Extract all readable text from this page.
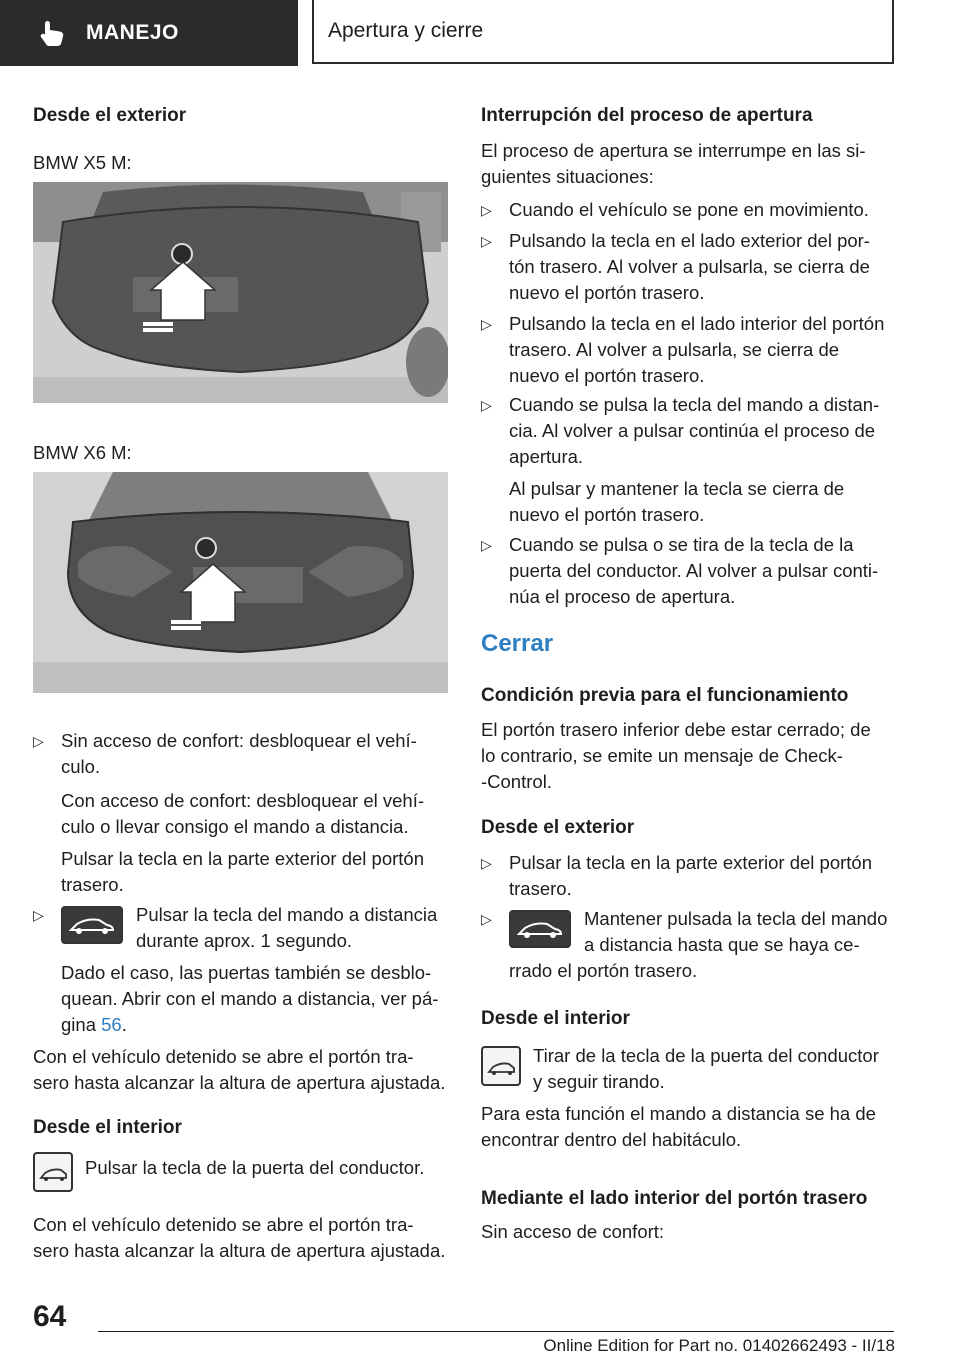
MANEJO	Apertura y cierre
Desde el exterior
BMW X5 M:
BMW X6 M:
▷ Sin acceso de confort: desbloquear el vehí-
culo.
Con acceso de confort: desbloquear el vehí-
culo o llevar consigo el mando a distancia.
Pulsar la tecla en la parte exterior del portón
trasero.
▷	Pulsar la tecla del mando a distancia
durante aprox. 1 segundo.
Dado el caso, las puertas también se desblo-
quean. Abrir con el mando a distancia, ver pá-
gina 56.
Con el vehículo detenido se abre el portón tra-
sero hasta alcanzar la altura de apertura ajustada.
Desde el interior
Pulsar la tecla de la puerta del conductor.
Con el vehículo detenido se abre el portón tra-
sero hasta alcanzar la altura de apertura ajustada.
Interrupción del proceso de apertura
El proceso de apertura se interrumpe en las si-
guientes situaciones:
▷ Cuando el vehículo se pone en movimiento.
▷ Pulsando la tecla en el lado exterior del por-
tón trasero. Al volver a pulsarla, se cierra de
nuevo el portón trasero.
▷ Pulsando la tecla en el lado interior del portón
trasero. Al volver a pulsarla, se cierra de
nuevo el portón trasero.
▷ Cuando se pulsa la tecla del mando a distan-
cia. Al volver a pulsar continúa el proceso de
apertura.
Al pulsar y mantener la tecla se cierra de
nuevo el portón trasero.
▷ Cuando se pulsa o se tira de la tecla de la
puerta del conductor. Al volver a pulsar conti-
núa el proceso de apertura.
Cerrar
Condición previa para el funcionamiento
El portón trasero inferior debe estar cerrado; de
lo contrario, se emite un mensaje de Check-
-Control.
Desde el exterior
▷ Pulsar la tecla en la parte exterior del portón
trasero.
▷	Mantener pulsada la tecla del mando
a distancia hasta que se haya ce-
rrado el portón trasero.
Desde el interior
Tirar de la tecla de la puerta del conductor
y seguir tirando.
Para esta función el mando a distancia se ha de
encontrar dentro del habitáculo.
Mediante el lado interior del portón trasero
Sin acceso de confort:
64
Online Edition for Part no. 01402662493 - II/18
